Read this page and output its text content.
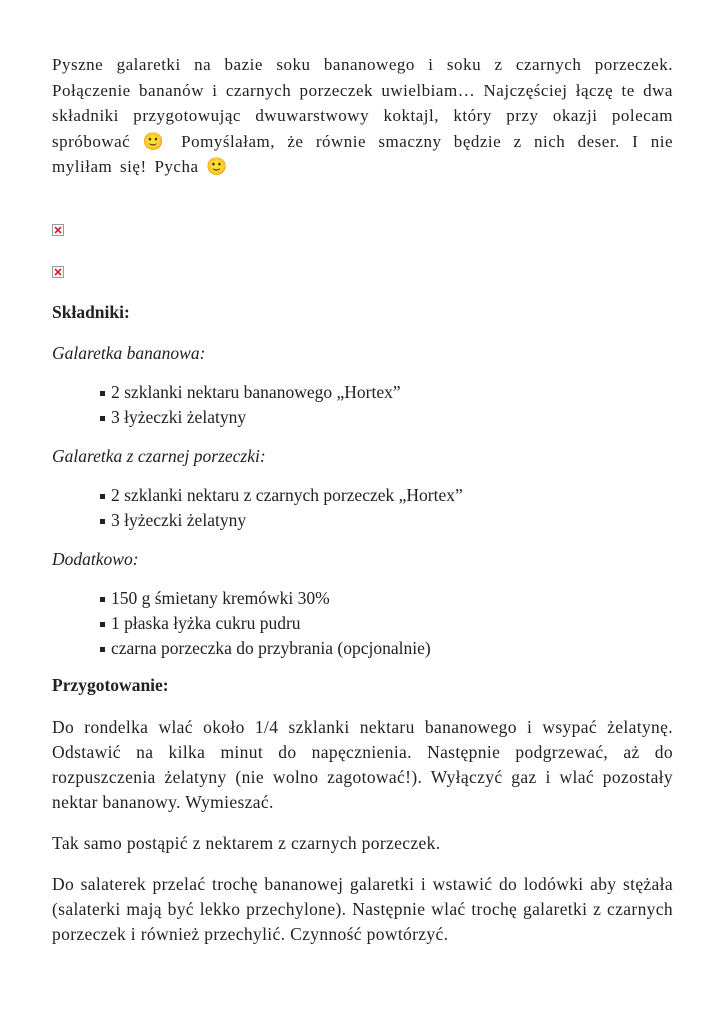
Pyszne galaretki na bazie soku bananowego i soku z czarnych porzeczek. Połączenie bananów i czarnych porzeczek uwielbiam… Najczęściej łączę te dwa składniki przygotowując dwuwarstwowy koktajl, który przy okazji polecam spróbować 🙂 Pomyślałam, że równie smaczny będzie z nich deser. I nie myliłam się! Pycha 🙂

Składniki:

Galaretka bananowa:

2 szklanki nektaru bananowego „Hortex”
3 łyżeczki żelatyny

Galaretka z czarnej porzeczki:

2 szklanki nektaru z czarnych porzeczek „Hortex”
3 łyżeczki żelatyny

Dodatkowo:

150 g śmietany kremówki 30%
1 płaska łyżka cukru pudru
czarna porzeczka do przybrania (opcjonalnie)

Przygotowanie:

Do rondelka wlać około 1/4 szklanki nektaru bananowego i wsypać żelatynę. Odstawić na kilka minut do napęcznienia. Następnie podgrzewać, aż do rozpuszczenia żelatyny (nie wolno zagotować!). Wyłączyć gaz i wlać pozostały nektar bananowy. Wymieszać.

Tak samo postąpić z nektarem z czarnych porzeczek.

Do salaterek przelać trochę bananowej galaretki i wstawić do lodówki aby stężała (salaterki mają być lekko przechylone). Następnie wlać trochę galaretki z czarnych porzeczek i również przechylić. Czynność powtórzyć.
